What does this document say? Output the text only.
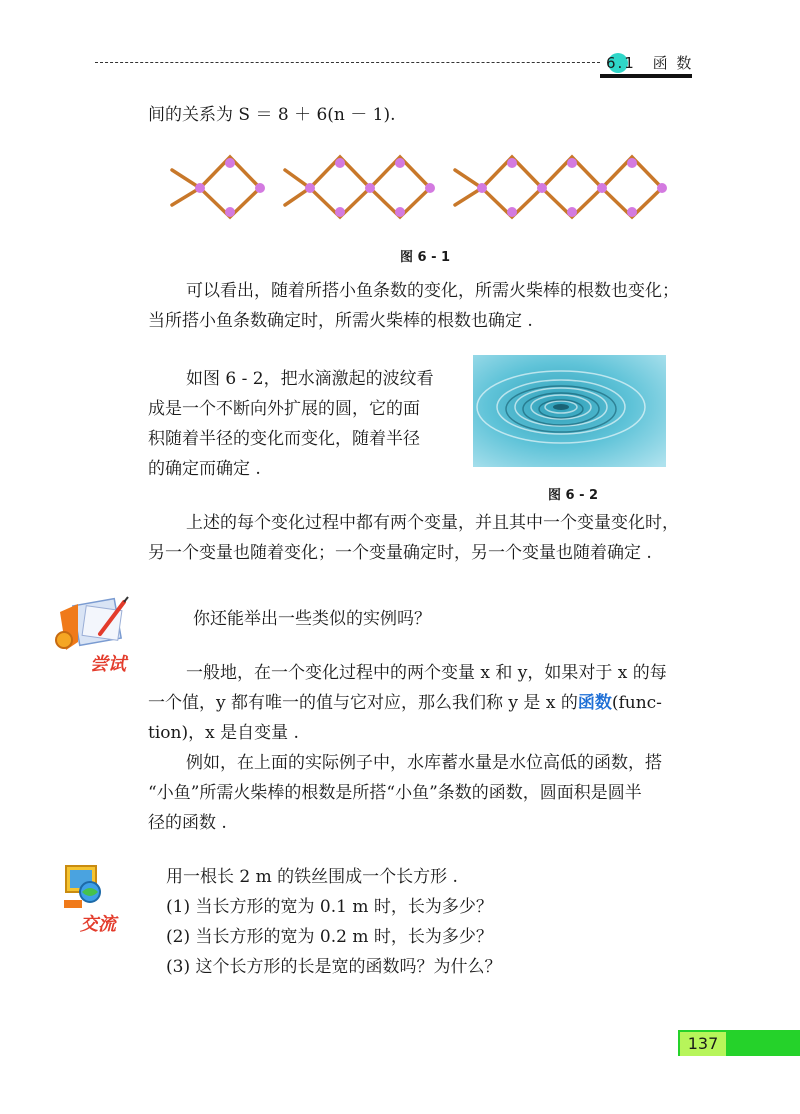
6.1 函 数

间的关系为 S ＝ 8 ＋ 6(n － 1).

图 6 - 1

可以看出，随着所搭小鱼条数的变化，所需火柴棒的根数也变化；

当所搭小鱼条数确定时，所需火柴棒的根数也确定 .

如图 6 - 2，把水滴激起的波纹看

成是一个不断向外扩展的圆，它的面

积随着半径的变化而变化，随着半径

的确定而确定 .

图 6 - 2

上述的每个变化过程中都有两个变量，并且其中一个变量变化时，

另一个变量也随着变化；一个变量确定时，另一个变量也随着确定 .

尝试

你还能举出一些类似的实例吗？

一般地，在一个变化过程中的两个变量 x 和 y，如果对于 x 的每

一个值，y 都有唯一的值与它对应，那么我们称 y 是 x 的函数(func-

tion)，x 是自变量 .

例如，在上面的实际例子中，水库蓄水量是水位高低的函数，搭

“小鱼”所需火柴棒的根数是所搭“小鱼”条数的函数，圆面积是圆半

径的函数 .

交流

用一根长 2 m 的铁丝围成一个长方形 .

(1) 当长方形的宽为 0.1 m 时，长为多少？

(2) 当长方形的宽为 0.2 m 时，长为多少？

(3) 这个长方形的长是宽的函数吗？为什么？

137
